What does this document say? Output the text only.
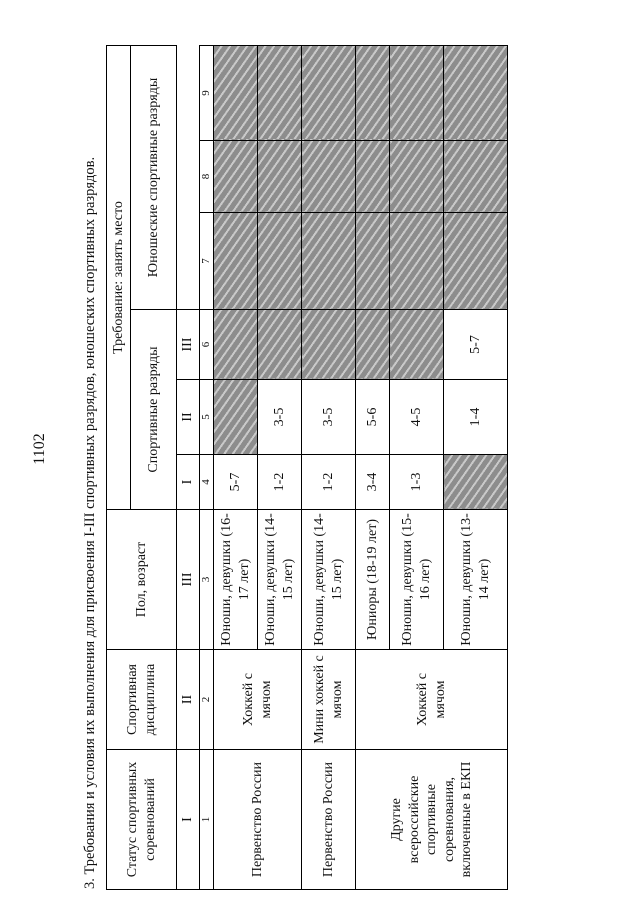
1102 3. Требования и условия их выполнения для присвоения I-III спортивных разрядов, юношеских спортивных разрядов. Статус спортивных соревнований	Спортивная дисциплина	Пол, возраст	Требование: занять место					
			Спортивные разряды			Юношеские спортивные разряды		

I	II	III	I	II	III			
1	2	3	4	5	6	7	8	9
Первенство России	Хоккей с мячом	Юноши, девушки (16-17 лет)	5-7					
		Юноши, девушки (14-15 лет)	1-2	3-5				
Первенство России	Мини хоккей с мячом	Юноши, девушки (14-15 лет)	1-2	3-5				
Другие всероссийские спортивные соревнования, включенные в ЕКП	Хоккей с мячом	Юниоры (18-19 лет)	3-4	5-6				
		Юноши, девушки (15-16 лет)	1-3	4-5				
		Юноши, девушки (13-14 лет)		1-4	5-7			
